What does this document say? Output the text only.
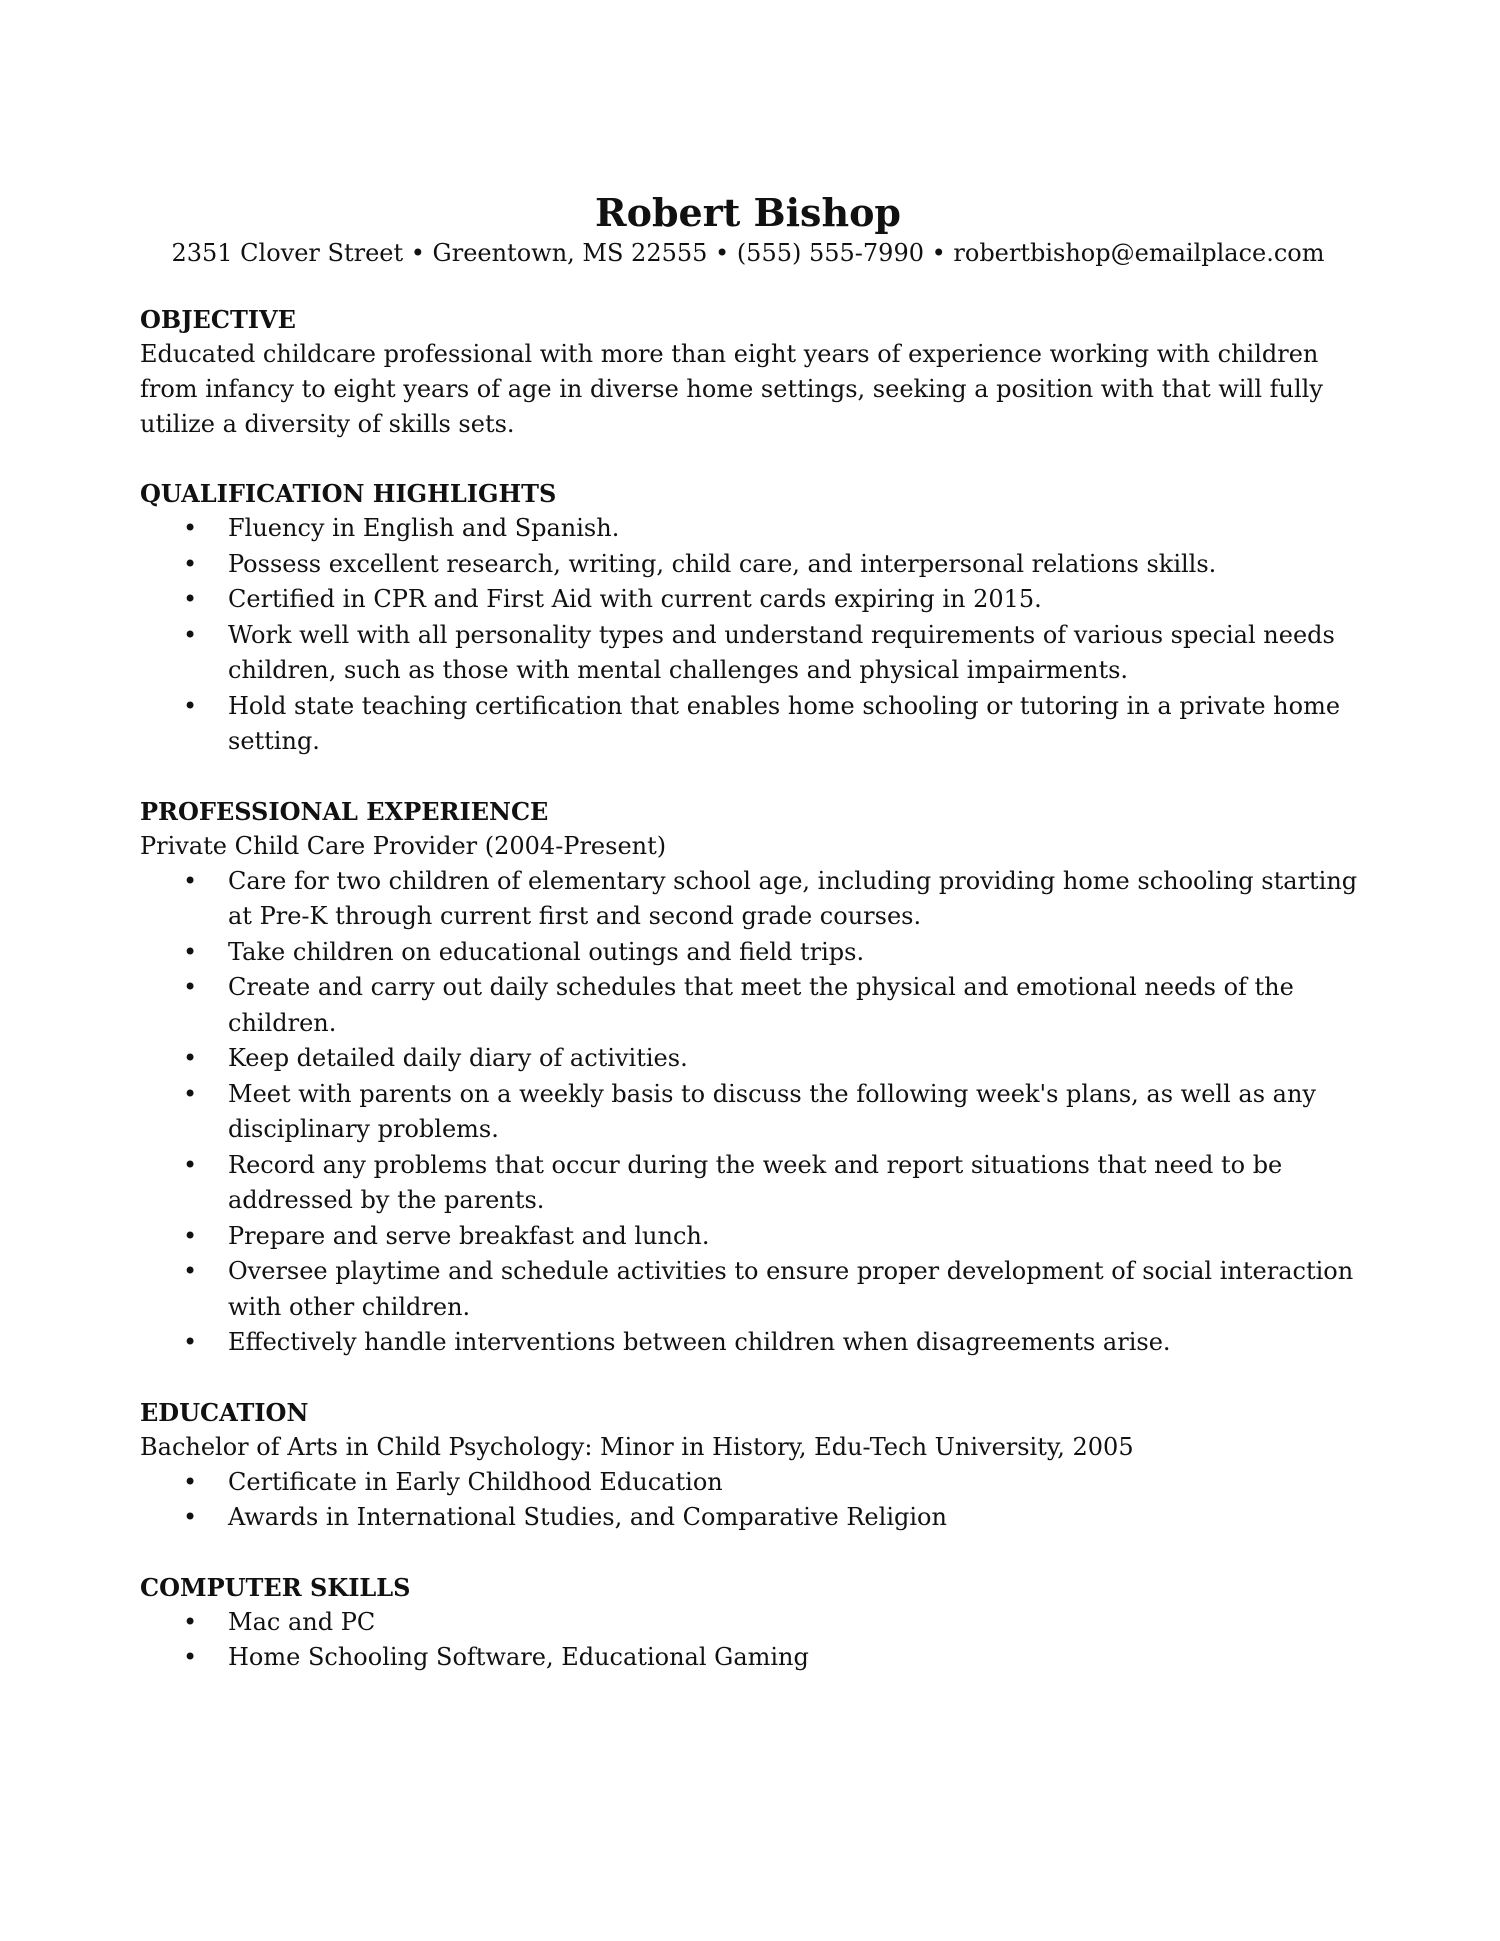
Robert Bishop

2351 Clover Street • Greentown, MS 22555 • (555) 555-7990 • robertbishop@emailplace.com

OBJECTIVE

Educated childcare professional with more than eight years of experience working with children from infancy to eight years of age in diverse home settings, seeking a position with that will fully utilize a diversity of skills sets.

QUALIFICATION HIGHLIGHTS

• Fluency in English and Spanish.
• Possess excellent research, writing, child care, and interpersonal relations skills.
• Certified in CPR and First Aid with current cards expiring in 2015.
• Work well with all personality types and understand requirements of various special needs children, such as those with mental challenges and physical impairments.
• Hold state teaching certification that enables home schooling or tutoring in a private home setting.

PROFESSIONAL EXPERIENCE

Private Child Care Provider (2004-Present)

• Care for two children of elementary school age, including providing home schooling starting at Pre-K through current first and second grade courses.
• Take children on educational outings and field trips.
• Create and carry out daily schedules that meet the physical and emotional needs of the children.
• Keep detailed daily diary of activities.
• Meet with parents on a weekly basis to discuss the following week's plans, as well as any disciplinary problems.
• Record any problems that occur during the week and report situations that need to be addressed by the parents.
• Prepare and serve breakfast and lunch.
• Oversee playtime and schedule activities to ensure proper development of social interaction with other children.
• Effectively handle interventions between children when disagreements arise.

EDUCATION

Bachelor of Arts in Child Psychology: Minor in History, Edu-Tech University, 2005

• Certificate in Early Childhood Education
• Awards in International Studies, and Comparative Religion

COMPUTER SKILLS

• Mac and PC
• Home Schooling Software, Educational Gaming
